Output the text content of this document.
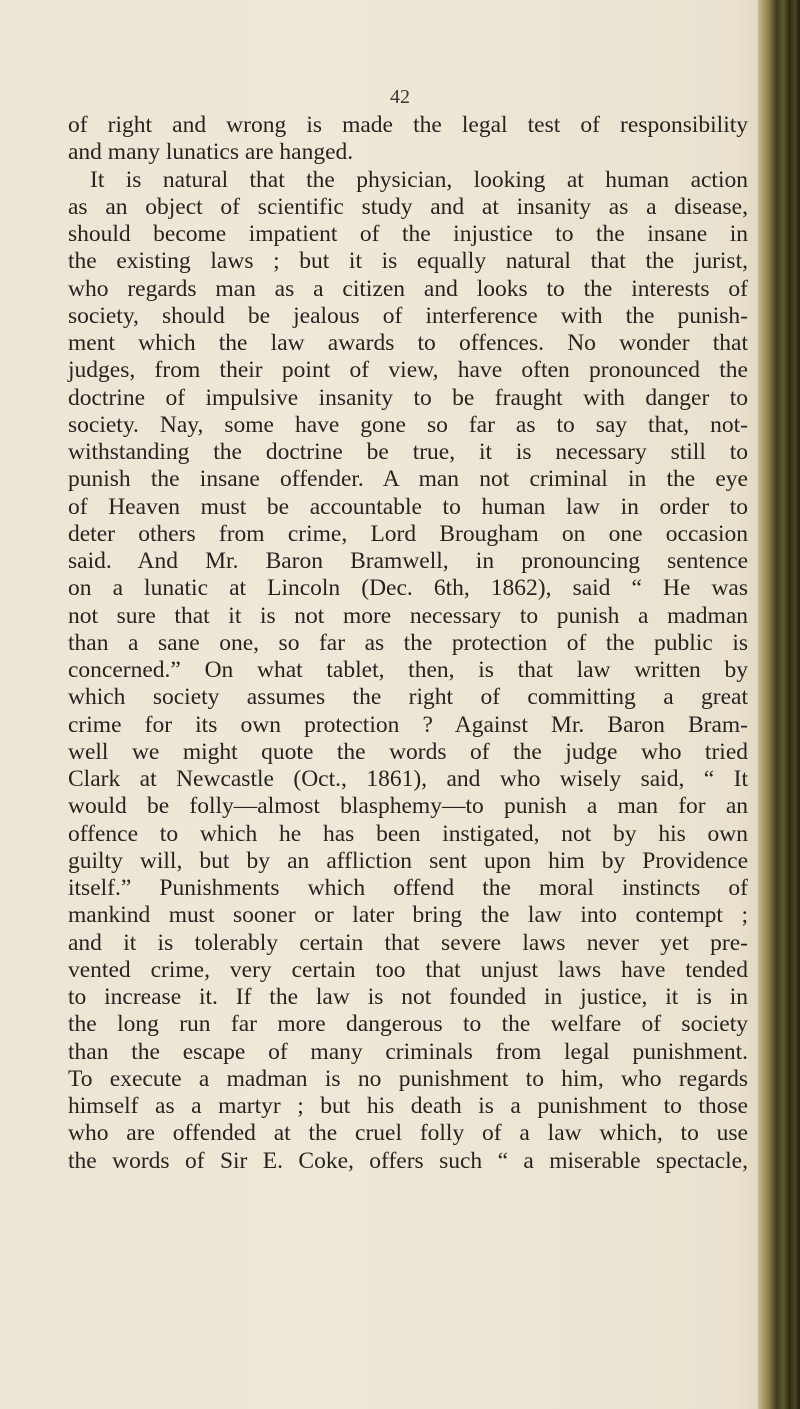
42
of right and wrong is made the legal test of responsibility
and many lunatics are hanged.
It is natural that the physician, looking at human action
as an object of scientific study and at insanity as a disease,
should become impatient of the injustice to the insane in
the existing laws ; but it is equally natural that the jurist,
who regards man as a citizen and looks to the interests of
society, should be jealous of interference with the punish-
ment which the law awards to offences. No wonder that
judges, from their point of view, have often pronounced the
doctrine of impulsive insanity to be fraught with danger to
society. Nay, some have gone so far as to say that, not-
withstanding the doctrine be true, it is necessary still to
punish the insane offender. A man not criminal in the eye
of Heaven must be accountable to human law in order to
deter others from crime, Lord Brougham on one occasion
said. And Mr. Baron Bramwell, in pronouncing sentence
on a lunatic at Lincoln (Dec. 6th, 1862), said “ He was
not sure that it is not more necessary to punish a madman
than a sane one, so far as the protection of the public is
concerned.” On what tablet, then, is that law written by
which society assumes the right of committing a great
crime for its own protection ? Against Mr. Baron Bram-
well we might quote the words of the judge who tried
Clark at Newcastle (Oct., 1861), and who wisely said, “ It
would be folly—almost blasphemy—to punish a man for an
offence to which he has been instigated, not by his own
guilty will, but by an affliction sent upon him by Providence
itself.” Punishments which offend the moral instincts of
mankind must sooner or later bring the law into contempt ;
and it is tolerably certain that severe laws never yet pre-
vented crime, very certain too that unjust laws have tended
to increase it. If the law is not founded in justice, it is in
the long run far more dangerous to the welfare of society
than the escape of many criminals from legal punishment.
To execute a madman is no punishment to him, who regards
himself as a martyr ; but his death is a punishment to those
who are offended at the cruel folly of a law which, to use
the words of Sir E. Coke, offers such “ a miserable spectacle,
